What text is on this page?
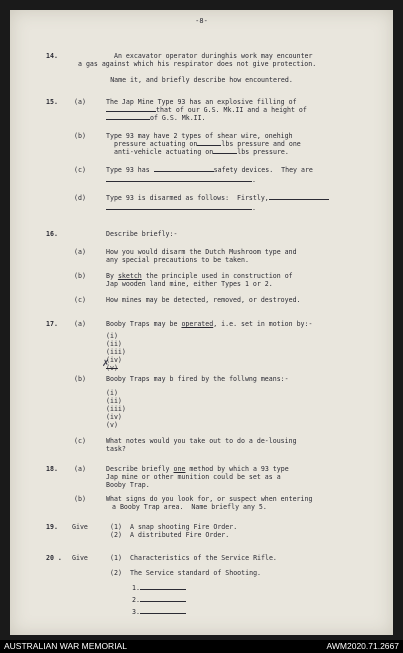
-8-
14.	An excavator operator duringhis work may encounter
a gas against which his respirator does not give protection.
Name it, and briefly describe how encountered.
15. (a)	The Jap Mine Type 93 has an explosive filling of
that of our G.S. Mk.II and a height of
of G.S. Mk.II.
(b)	Type 93 may have 2 types of shear wire, onehigh
pressure actuating on	lbs pressure and one
anti-vehicle actuating on	lbs pressure.
(c)	Type 93 has	safety devices.  They are
.
(d)	Type 93 is disarmed as follows:  Firstly,
.
16.	Describe briefly:-
(a)	How you would disarm the Dutch Mushroom type and
any special precautions to be taken.
(b)	By sketch the principle used in construction of
Jap wooden land mine, either Types 1 or 2.
(c)	How mines may be detected, removed, or destroyed.
17. (a)	Booby Traps may be operated, i.e. set in motion by:-
(i)
(ii)
(iii)
(iv)
(v)
✗
(b)	Booby Traps may b fired by the follwng means:-
(i)
(ii)
(iii)
(iv)
(v)
(c)	What notes would you take out to do a de-lousing
task?
18. (a)	Describe briefly one method by which a 93 type
Jap mine or other munition could be set as a
Booby Trap.
(b)	What signs do you look for, or suspect when entering
a Booby Trap area.  Name briefly any 5.
19. Give	(1)	A snap shooting Fire Order.
(2)	A distributed Fire Order.
20 . Give	(1)	Characteristics of the Service Rifle.
(2)	The Service standard of Shooting.
1.
2.
3.
AUSTRALIAN WAR MEMORIAL	AWM2020.71.2667
